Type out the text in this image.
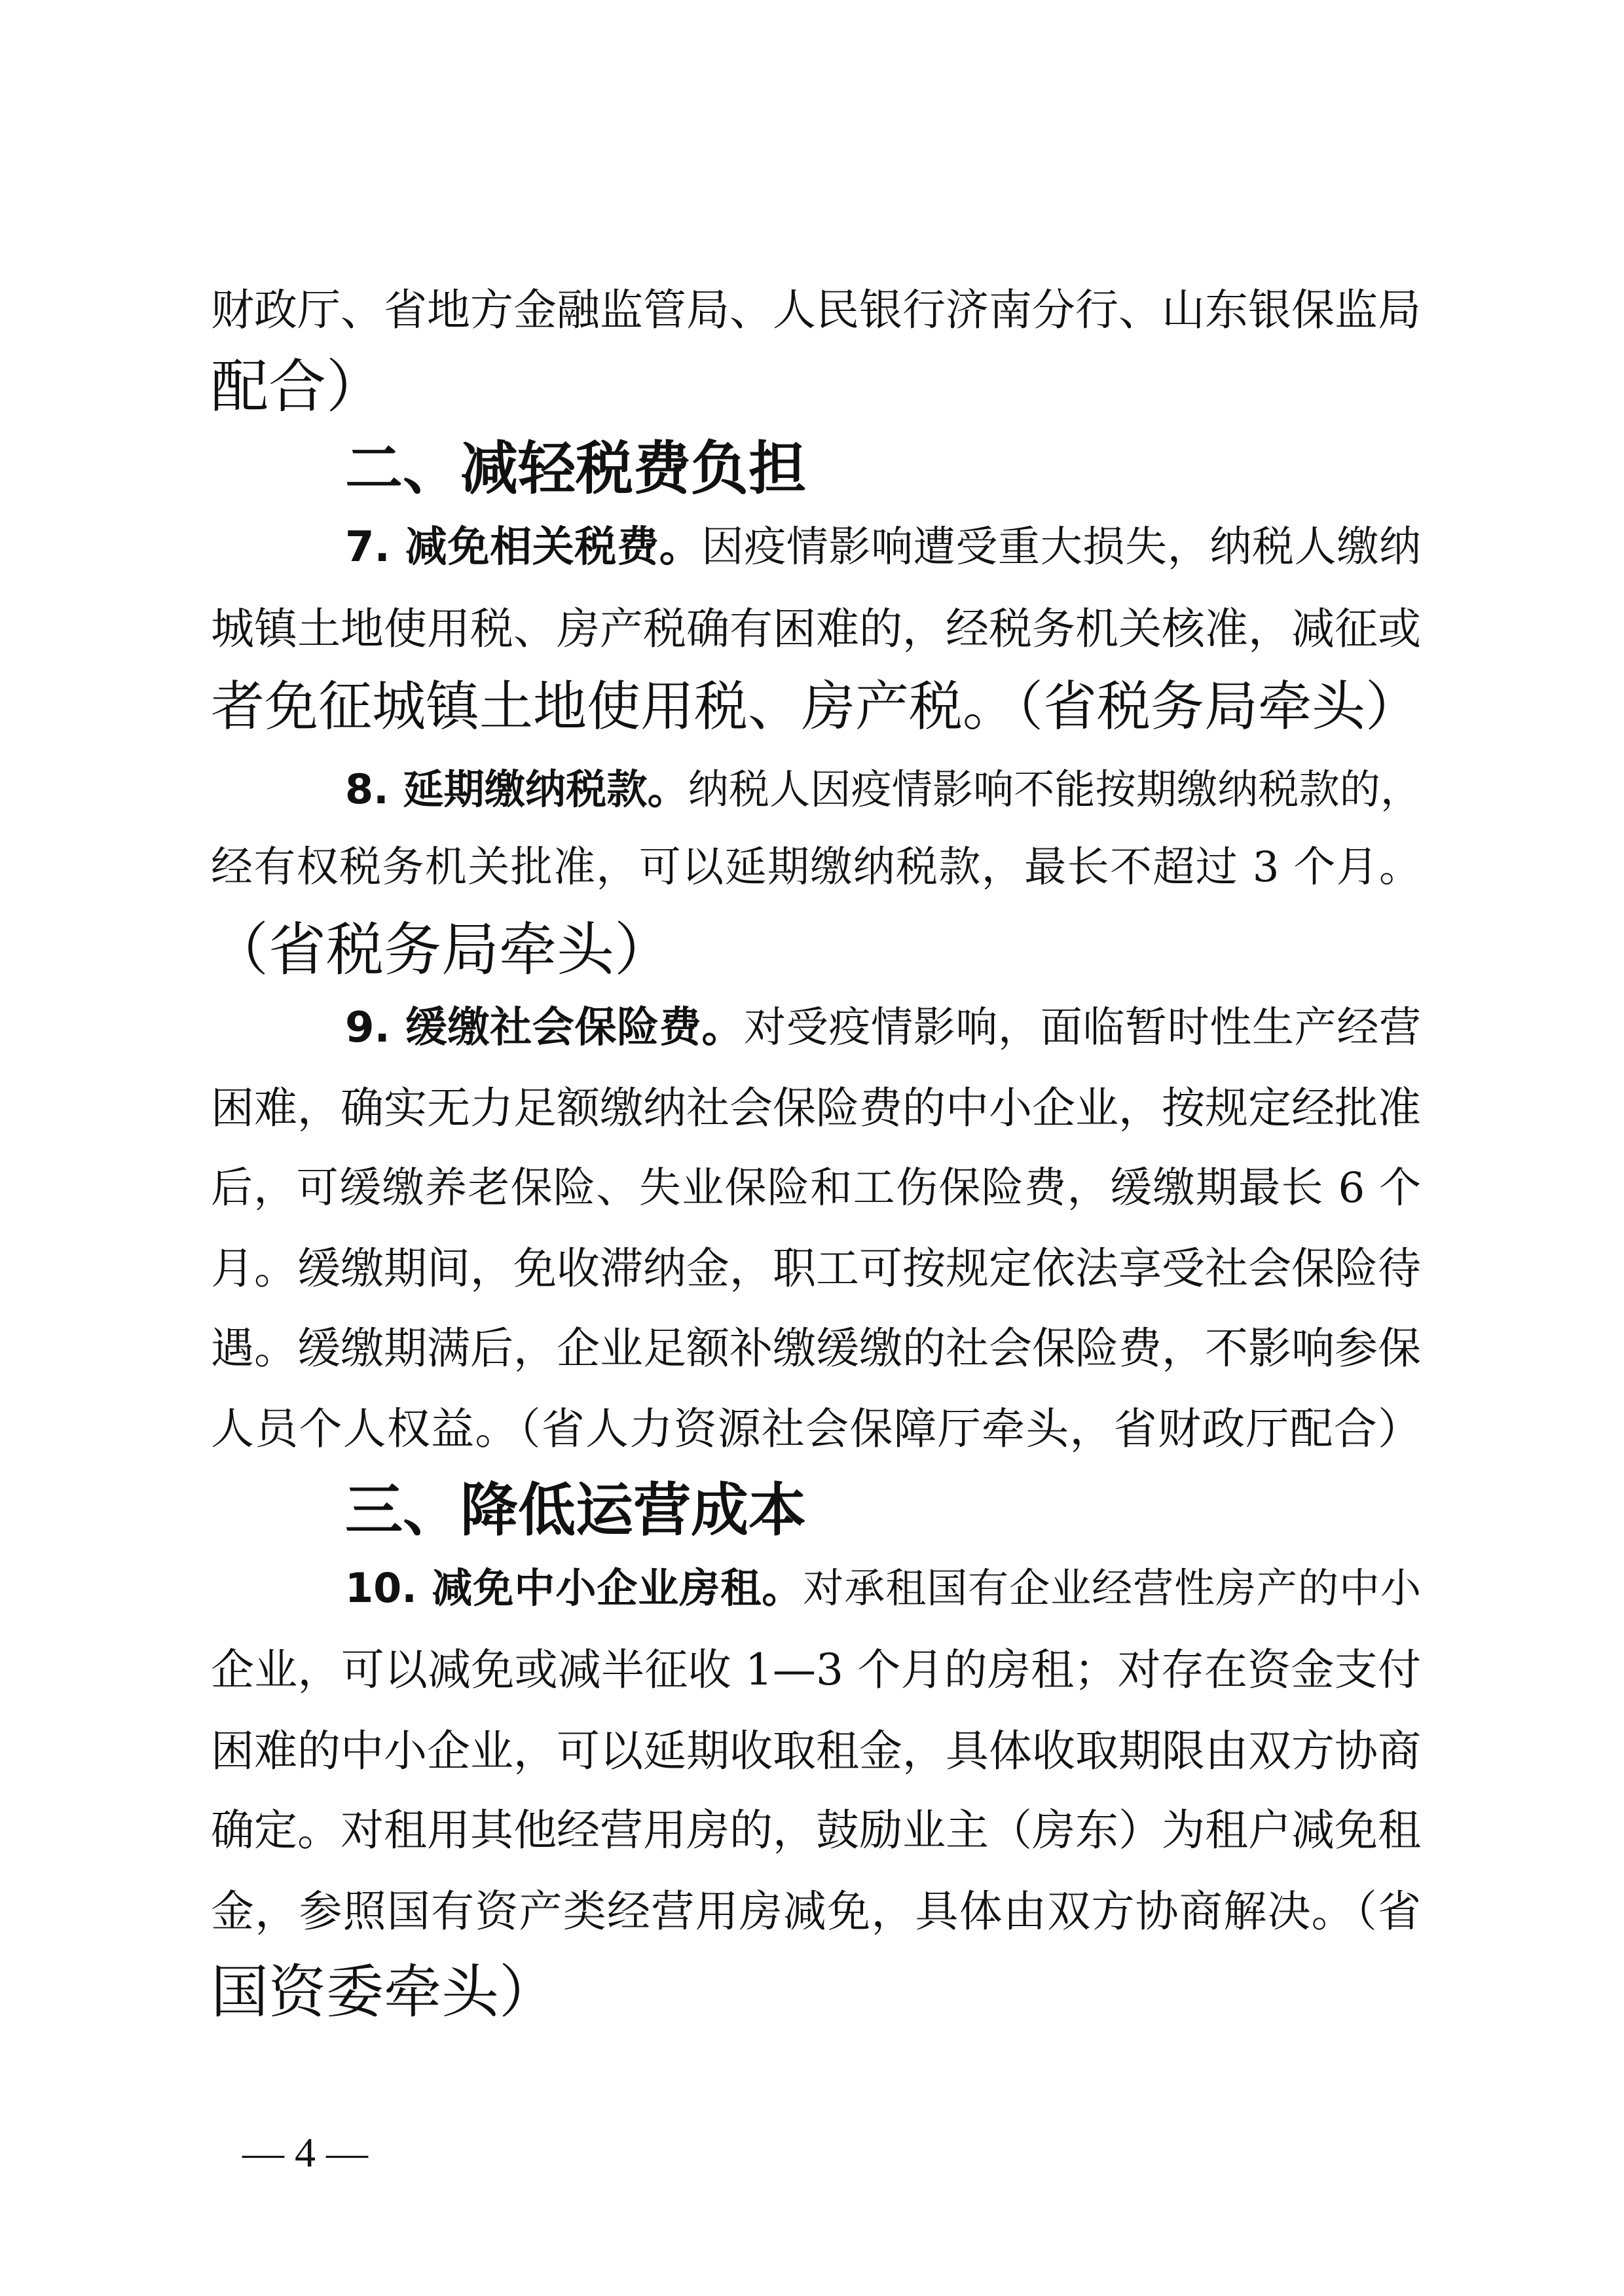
财政厅、省地方金融监管局、人民银行济南分行、山东银保监局
配合）
二、减轻税费负担
7. 减免相关税费。因疫情影响遭受重大损失，纳税人缴纳
城镇土地使用税、房产税确有困难的，经税务机关核准，减征或
者免征城镇土地使用税、房产税。（省税务局牵头）
8. 延期缴纳税款。纳税人因疫情影响不能按期缴纳税款的，
经有权税务机关批准，可以延期缴纳税款，最长不超过 3 个月。
（省税务局牵头）
9. 缓缴社会保险费。对受疫情影响，面临暂时性生产经营
困难，确实无力足额缴纳社会保险费的中小企业，按规定经批准
后，可缓缴养老保险、失业保险和工伤保险费，缓缴期最长 6 个
月。缓缴期间，免收滞纳金，职工可按规定依法享受社会保险待
遇。缓缴期满后，企业足额补缴缓缴的社会保险费，不影响参保
人员个人权益。（省人力资源社会保障厅牵头，省财政厅配合）
三、降低运营成本
10. 减免中小企业房租。对承租国有企业经营性房产的中小
企业，可以减免或减半征收 1—3 个月的房租；对存在资金支付
困难的中小企业，可以延期收取租金，具体收取期限由双方协商
确定。对租用其他经营用房的，鼓励业主（房东）为租户减免租
金，参照国有资产类经营用房减免，具体由双方协商解决。（省
国资委牵头）
— 4 —
